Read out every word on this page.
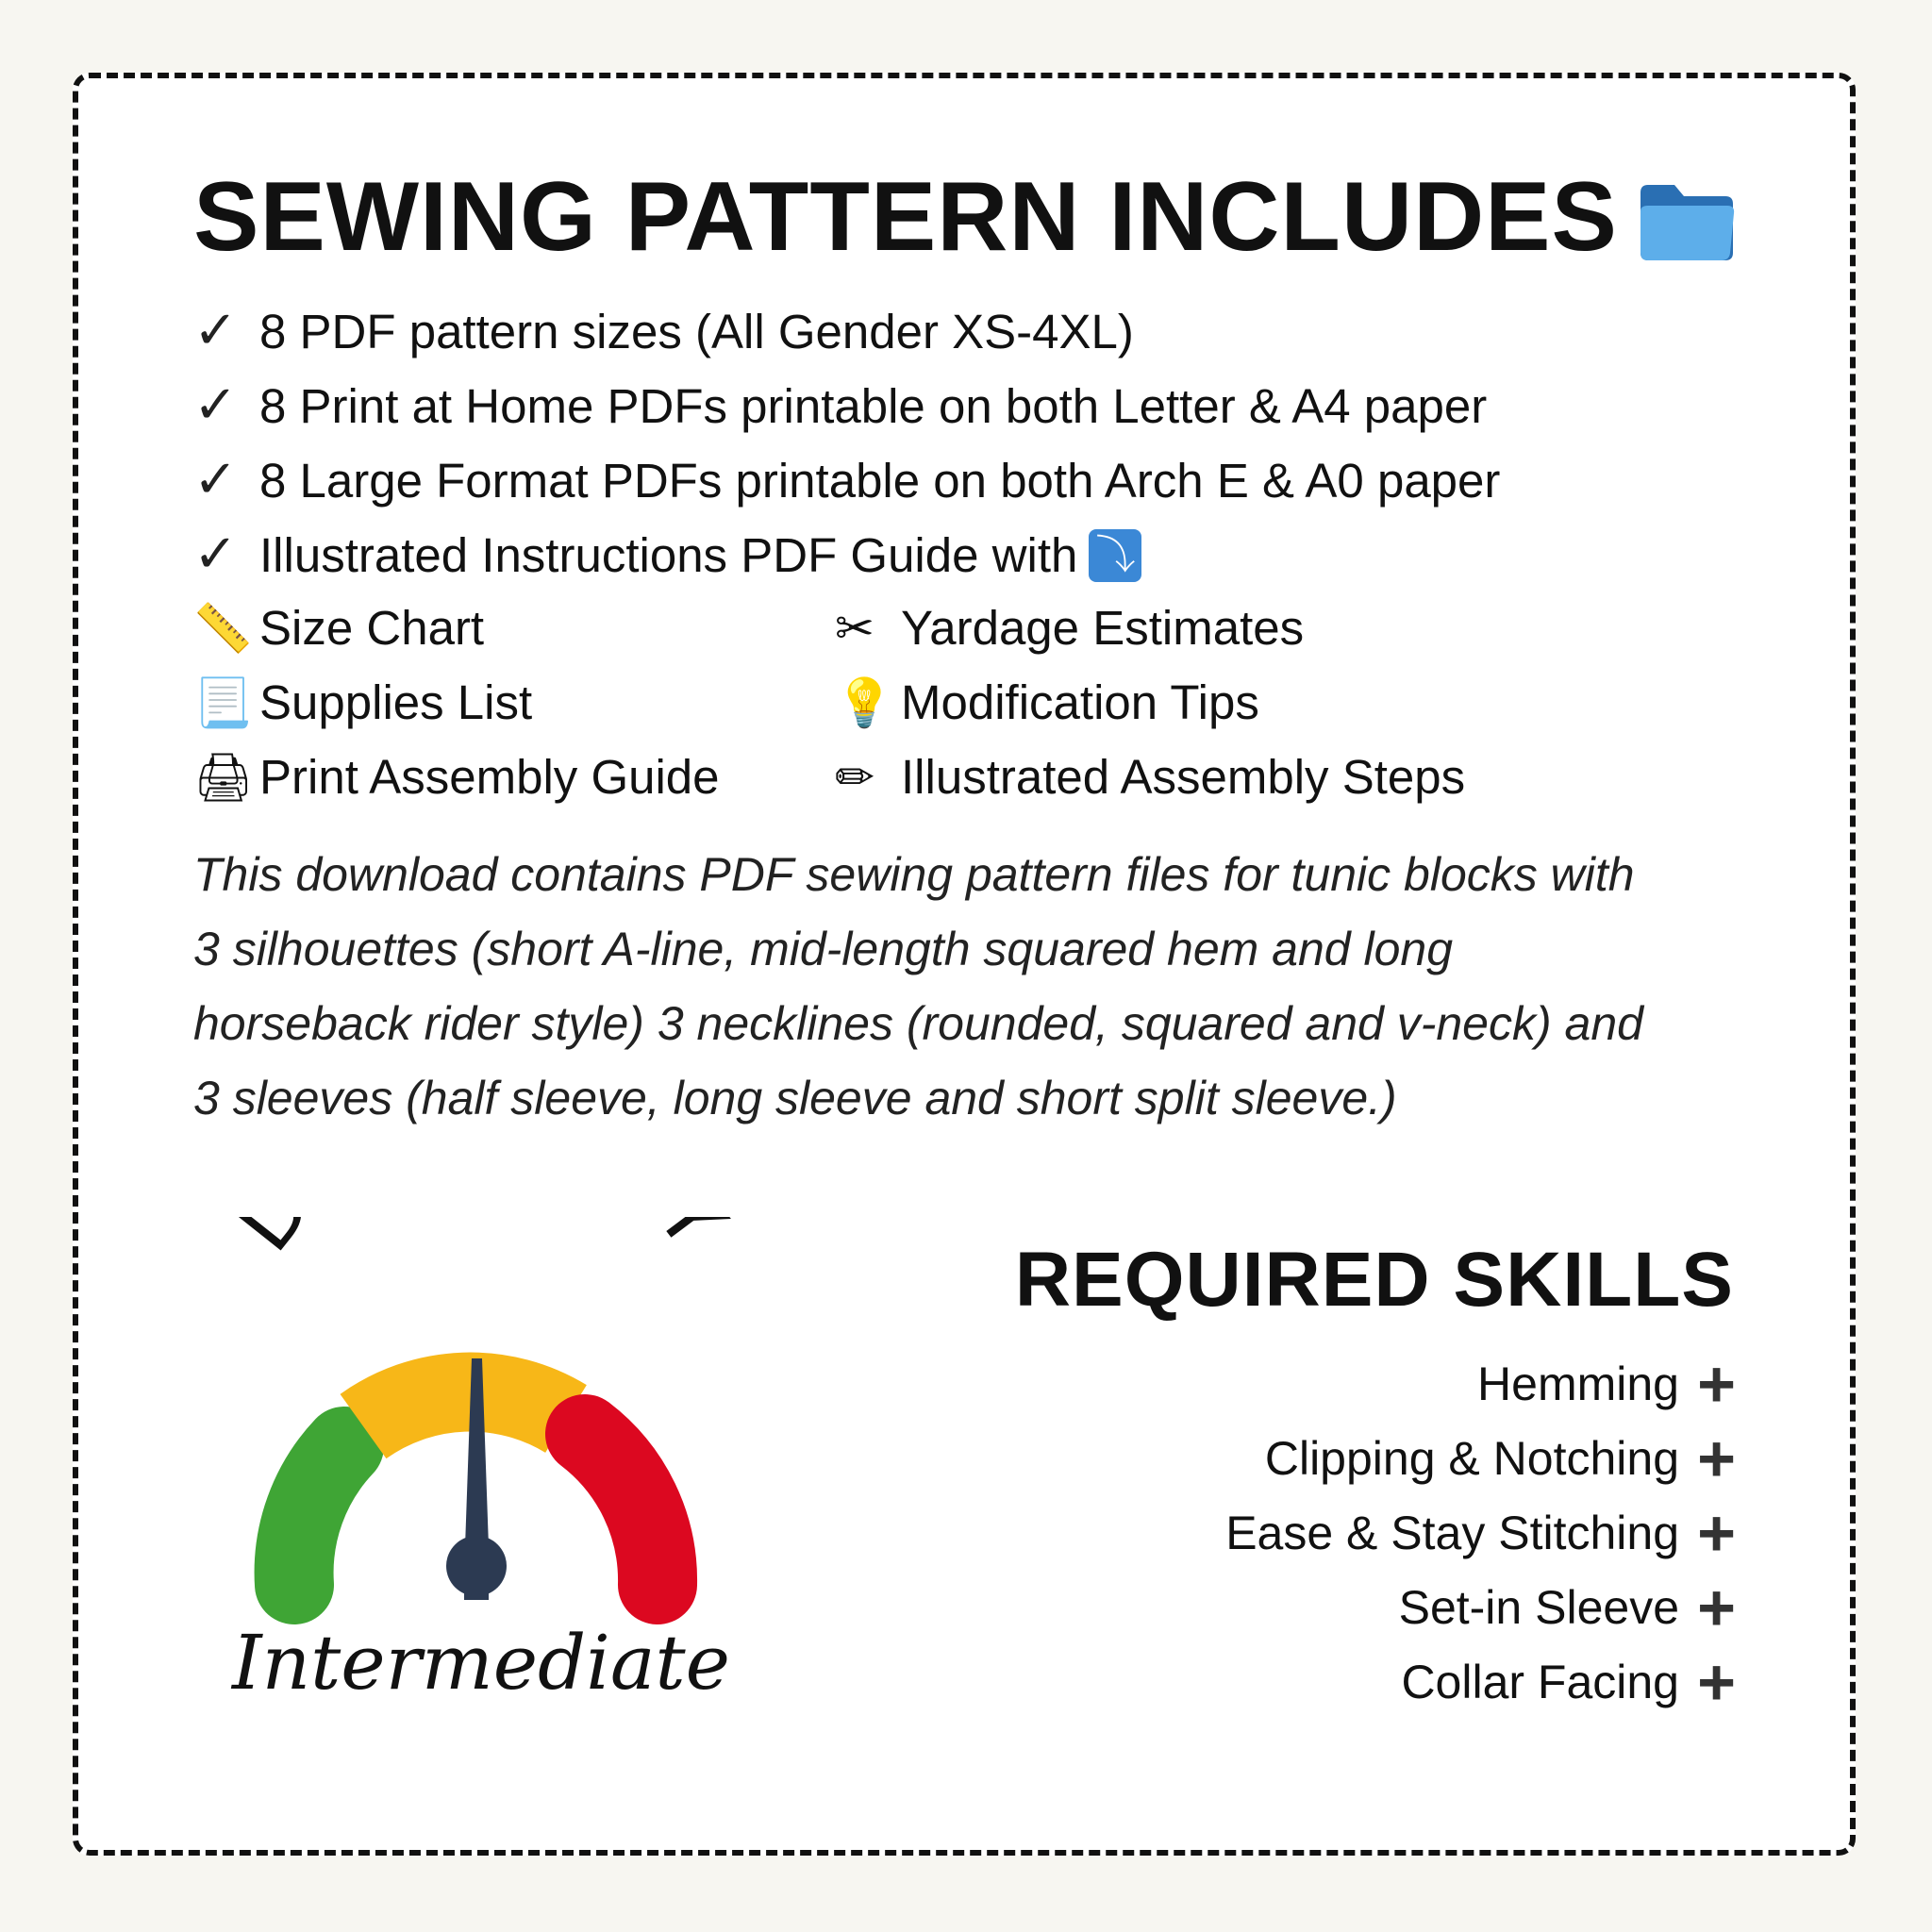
SEWING PATTERN INCLUDES
✓ 8 PDF pattern sizes (All Gender XS-4XL)
✓ 8 Print at Home PDFs printable on both Letter & A4 paper
✓ 8 Large Format PDFs printable on both Arch E & A0 paper
✓ Illustrated Instructions PDF Guide with ⤵
📏 Size Chart	✂ Yardage Estimates
📃 Supplies List	💡 Modification Tips
🖨 Print Assembly Guide ✏ Illustrated Assembly Steps
This download contains PDF sewing pattern files for tunic blocks with
3 silhouettes (short A-line, mid-length squared hem and long
horseback rider style) 3 necklines (rounded, squared and v-neck) and
3 sleeves (half sleeve, long sleeve and short split sleeve.)
Y
Intermediate
REQUIRED SKILLS
Hemming +
Clipping & Notching +
Ease & Stay Stitching +
Set-in Sleeve +
Collar Facing +
